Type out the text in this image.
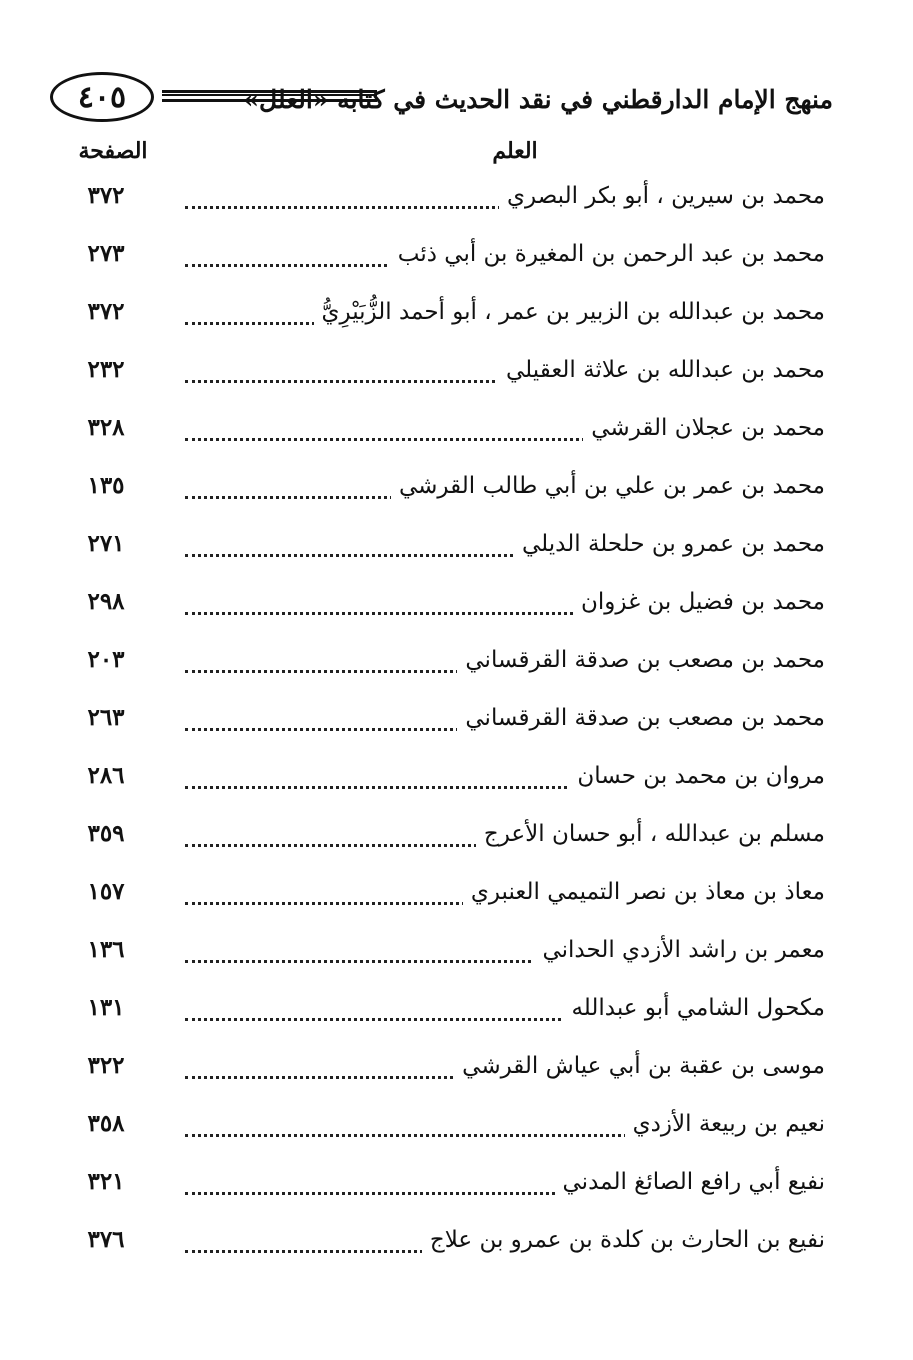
٤٠٥	منهج الإمام الدارقطني في نقد الحديث في كتابه «العلل»
الصفحة	العلم
محمد بن سيرين ، أبو بكر البصري
٣٧٢
محمد بن عبد الرحمن بن المغيرة بن أبي ذئب
٢٧٣
محمد بن عبدالله بن الزبير بن عمر ، أبو أحمد الزُّبَيْرِيُّ
٣٧٢
محمد بن عبدالله بن علاثة العقيلي
٢٣٢
محمد بن عجلان القرشي
٣٢٨
محمد بن عمر بن علي بن أبي طالب القرشي
١٣٥
محمد بن عمرو بن حلحلة الديلي
٢٧١
محمد بن فضيل بن غزوان
٢٩٨
محمد بن مصعب بن صدقة القرقساني
٢٠٣
محمد بن مصعب بن صدقة القرقساني
٢٦٣
مروان بن محمد بن حسان
٢٨٦
مسلم بن عبدالله ، أبو حسان الأعرج
٣٥٩
معاذ بن معاذ بن نصر التميمي العنبري
١٥٧
معمر بن راشد الأزدي الحداني
١٣٦
مكحول الشامي أبو عبدالله
١٣١
موسى بن عقبة بن أبي عياش القرشي
٣٢٢
نعيم بن ربيعة الأزدي
٣٥٨
نفيع أبي رافع الصائغ المدني
٣٢١
نفيع بن الحارث بن كلدة بن عمرو بن علاج
٣٧٦
